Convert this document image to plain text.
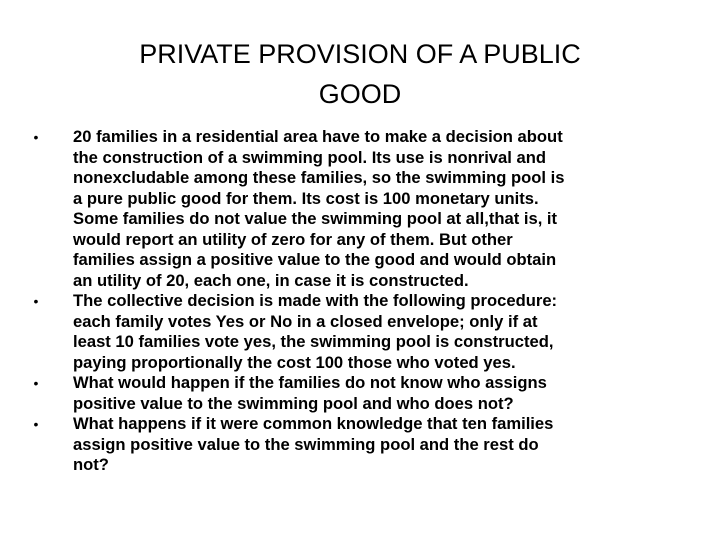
PRIVATE PROVISION OF A PUBLIC
GOOD
• 20 families in a residential area have to make a decision about
the construction of a swimming pool. Its use is nonrival and
nonexcludable among these families, so the swimming pool is
a pure public good for them. Its cost is 100 monetary units.
Some families do not value the swimming pool at all,that is, it
would report an utility of zero for any of them. But other
families assign a positive value to the good and would obtain
an utility of 20, each one, in case it is constructed.
• The collective decision is made with the following procedure:
each family votes Yes or No in a closed envelope; only if at
least 10 families vote yes, the swimming pool is constructed,
paying proportionally the cost 100 those who voted yes.
• What would happen if the families do not know who assigns
positive value to the swimming pool and who does not?
• What happens if it were common knowledge that ten families
assign positive value to the swimming pool and the rest do
not?
